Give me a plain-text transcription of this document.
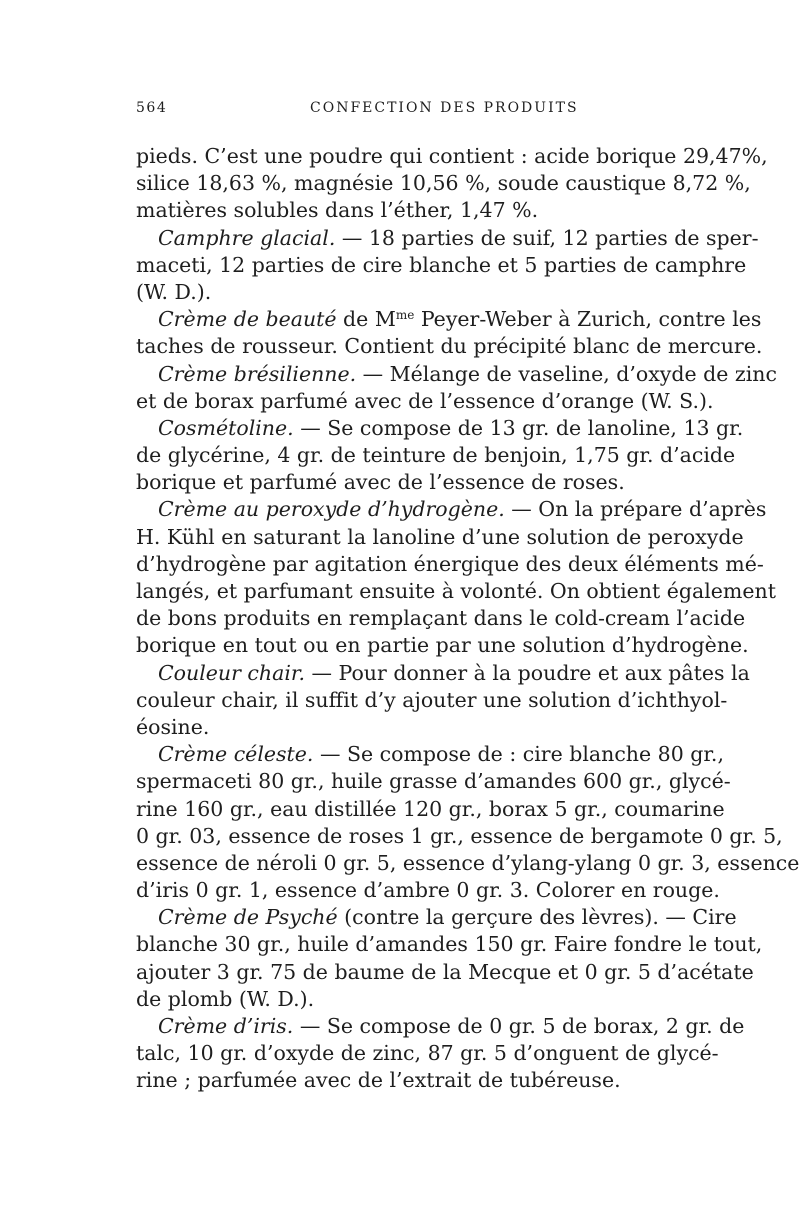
564	CONFECTION DES PRODUITS
pieds. C’est une poudre qui contient : acide borique 29,47%,
silice 18,63 %, magnésie 10,56 %, soude caustique 8,72 %,
matières solubles dans l’éther, 1,47 %.
Camphre glacial. — 18 parties de suif, 12 parties de sper-
maceti, 12 parties de cire blanche et 5 parties de camphre
(W. D.).
Crème de beauté de $M^{me}$ Peyer-Weber à Zurich, contre les
taches de rousseur. Contient du précipité blanc de mercure.
Crème brésilienne. — Mélange de vaseline, d’oxyde de zinc
et de borax parfumé avec de l’essence d’orange (W. S.).
Cosmétoline. — Se compose de 13 gr. de lanoline, 13 gr.
de glycérine, 4 gr. de teinture de benjoin, 1,75 gr. d’acide
borique et parfumé avec de l’essence de roses.
Crème au peroxyde d’hydrogène. — On la prépare d’après
H. Kühl en saturant la lanoline d’une solution de peroxyde
d’hydrogène par agitation énergique des deux éléments mé-
langés, et parfumant ensuite à volonté. On obtient également
de bons produits en remplaçant dans le cold-cream l’acide
borique en tout ou en partie par une solution d’hydrogène.
Couleur chair. — Pour donner à la poudre et aux pâtes la
couleur chair, il suffit d’y ajouter une solution d’ichthyol-
éosine.
Crème céleste. — Se compose de : cire blanche 80 gr.,
spermaceti 80 gr., huile grasse d’amandes 600 gr., glycé-
rine 160 gr., eau distillée 120 gr., borax 5 gr., coumarine
0 gr. 03, essence de roses 1 gr., essence de bergamote 0 gr. 5,
essence de néroli 0 gr. 5, essence d’ylang-ylang 0 gr. 3, essence
d’iris 0 gr. 1, essence d’ambre 0 gr. 3. Colorer en rouge.
Crème de Psyché (contre la gerçure des lèvres). — Cire
blanche 30 gr., huile d’amandes 150 gr. Faire fondre le tout,
ajouter 3 gr. 75 de baume de la Mecque et 0 gr. 5 d’acétate
de plomb (W. D.).
Crème d’iris. — Se compose de 0 gr. 5 de borax, 2 gr. de
talc, 10 gr. d’oxyde de zinc, 87 gr. 5 d’onguent de glycé-
rine ; parfumée avec de l’extrait de tubéreuse.
